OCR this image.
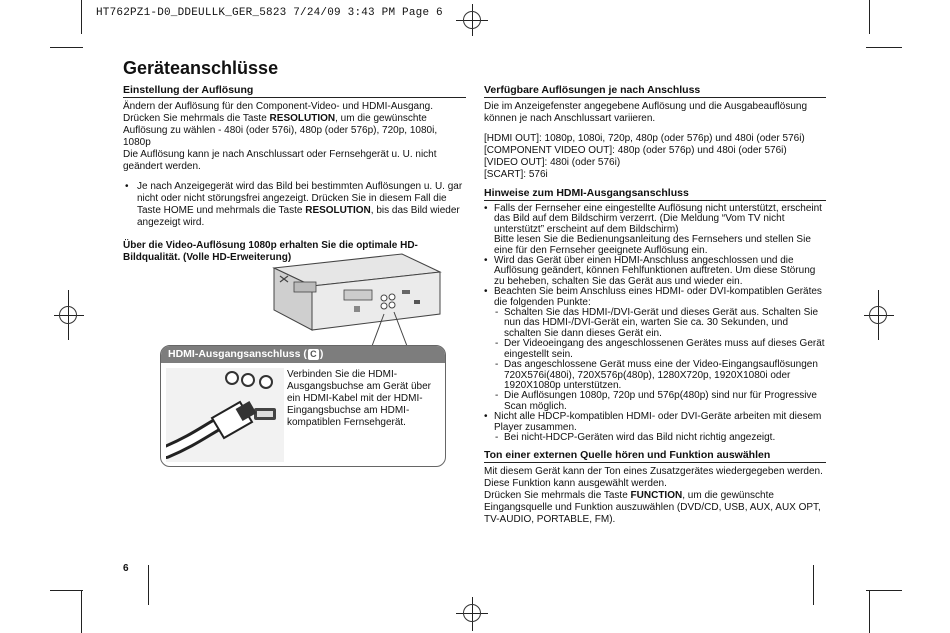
HT762PZ1-D0_DDEULLK_GER_5823 7/24/09 3:43 PM Page 6
Geräteanschlüsse
Einstellung der Auflösung

Ändern der Auflösung für den Component-Video- und HDMI-Ausgang.

Drücken Sie mehrmals die Taste RESOLUTION, um die gewünschte Auflösung zu wählen - 480i (oder 576i), 480p (oder 576p), 720p, 1080i, 1080p

Die Auflösung kann je nach Anschlussart oder Fernsehgerät u. U. nicht geändert werden.

• Je nach Anzeigegerät wird das Bild bei bestimmten Auflösungen u. U. gar nicht oder nicht störungsfrei angezeigt. Drücken Sie in diesem Fall die Taste HOME und mehrmals die Taste RESOLUTION, bis das Bild wieder angezeigt wird.

Über die Video-Auflösung 1080p erhalten Sie die optimale HD-Bildqualität. (Volle HD-Erweiterung)

HDMI-Ausgangsanschluss ( C )
Verbinden Sie die HDMI-Ausgangsbuchse am Gerät über ein HDMI-Kabel mit der HDMI-Eingangsbuchse am HDMI-kompatiblen Fernsehgerät.
Verfügbare Auflösungen je nach Anschluss

Die im Anzeigefenster angegebene Auflösung und die Ausgabeauflösung können je nach Anschlussart variieren.

[HDMI OUT]: 1080p, 1080i, 720p, 480p (oder 576p) und 480i (oder 576i)

[COMPONENT VIDEO OUT]: 480p (oder 576p) und 480i (oder 576i)

[VIDEO OUT]: 480i (oder 576i)

[SCART]: 576i

Hinweise zum HDMI-Ausgangsanschluss
• Falls der Fernseher eine eingestellte Auflösung nicht unterstützt, erscheint das Bild auf dem Bildschirm verzerrt. (Die Meldung “Vom TV nicht unterstützt” erscheint auf dem Bildschirm)
Bitte lesen Sie die Bedienungsanleitung des Fernsehers und stellen Sie eine für den Fernseher geeignete Auflösung ein.
• Wird das Gerät über einen HDMI-Anschluss angeschlossen und die Auflösung geändert, können Fehlfunktionen auftreten. Um diese Störung zu beheben, schalten Sie das Gerät aus und wieder ein.
• Beachten Sie beim Anschluss eines HDMI- oder DVI-kompatiblen Gerätes die folgenden Punkte:
- Schalten Sie das HDMI-/DVI-Gerät und dieses Gerät aus. Schalten Sie nun das HDMI-/DVI-Gerät ein, warten Sie ca. 30 Sekunden, und schalten Sie dann dieses Gerät ein.
- Der Videoeingang des angeschlossenen Gerätes muss auf dieses Gerät eingestellt sein.
- Das angeschlossene Gerät muss eine der Video-Eingangsauflösungen 720X576i(480i), 720X576p(480p), 1280X720p, 1920X1080i oder 1920X1080p unterstützen.
- Die Auflösungen 1080p, 720p und 576p(480p) sind nur für Progressive Scan möglich.
• Nicht alle HDCP-kompatiblen HDMI- oder DVI-Geräte arbeiten mit diesem Player zusammen.
- Bei nicht-HDCP-Geräten wird das Bild nicht richtig angezeigt.
Ton einer externen Quelle hören und Funktion auswählen

Mit diesem Gerät kann der Ton eines Zusatzgerätes wiedergegeben werden. Diese Funktion kann ausgewählt werden.

Drücken Sie mehrmals die Taste FUNCTION, um die gewünschte Eingangsquelle und Funktion auszuwählen (DVD/CD, USB, AUX, AUX OPT, TV-AUDIO, PORTABLE, FM).

6
